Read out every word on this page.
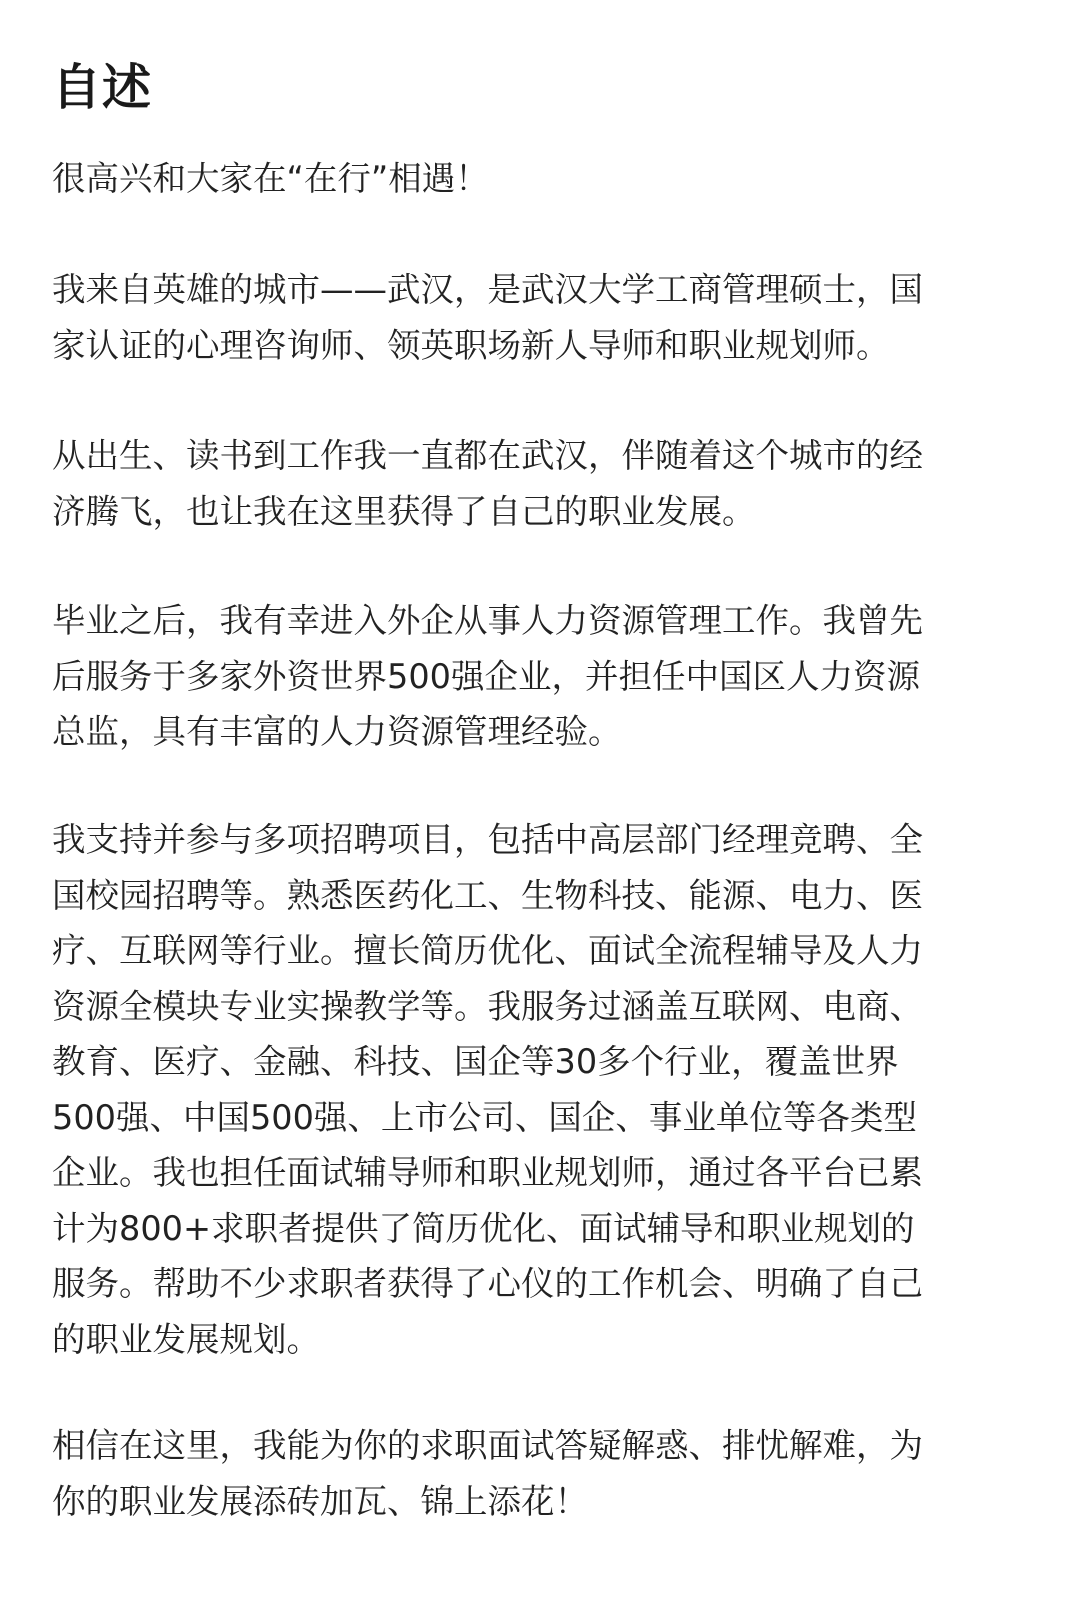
自述

很高兴和大家在“在行”相遇！

我来自英雄的城市——武汉，是武汉大学工商管理硕士，国
家认证的心理咨询师、领英职场新人导师和职业规划师。

从出生、读书到工作我一直都在武汉，伴随着这个城市的经
济腾飞，也让我在这里获得了自己的职业发展。

毕业之后，我有幸进入外企从事人力资源管理工作。我曾先
后服务于多家外资世界500强企业，并担任中国区人力资源
总监，具有丰富的人力资源管理经验。

我支持并参与多项招聘项目，包括中高层部门经理竞聘、全
国校园招聘等。熟悉医药化工、生物科技、能源、电力、医
疗、互联网等行业。擅长简历优化、面试全流程辅导及人力
资源全模块专业实操教学等。我服务过涵盖互联网、电商、
教育、医疗、金融、科技、国企等30多个行业，覆盖世界
500强、中国500强、上市公司、国企、事业单位等各类型
企业。我也担任面试辅导师和职业规划师，通过各平台已累
计为800+求职者提供了简历优化、面试辅导和职业规划的
服务。帮助不少求职者获得了心仪的工作机会、明确了自己
的职业发展规划。

相信在这里，我能为你的求职面试答疑解惑、排忧解难，为
你的职业发展添砖加瓦、锦上添花！
